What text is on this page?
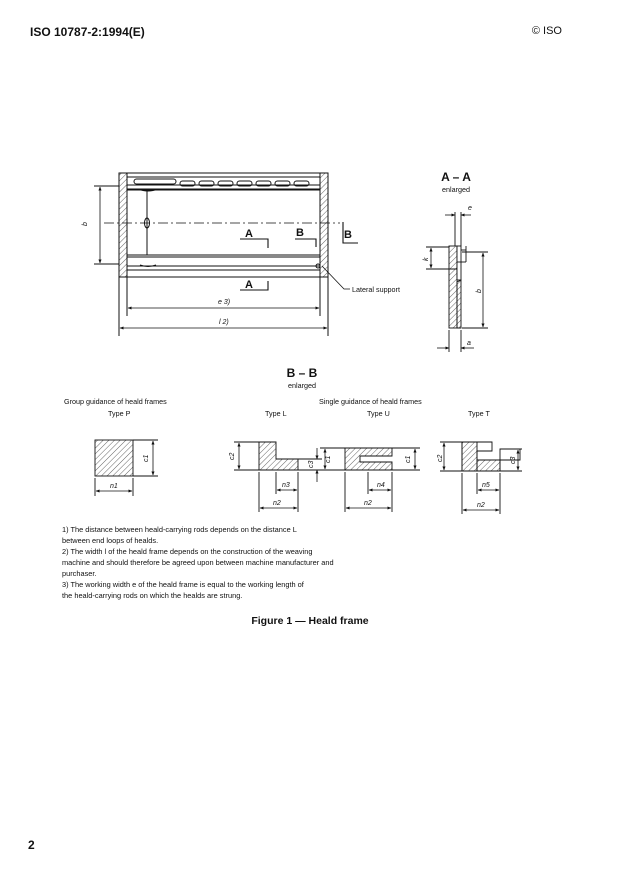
ISO 10787-2:1994(E)	© ISO
b
e 3)
l 2)
A
A
B	B
Lateral support
A – A
enlarged
e
k
b
a
B – B
enlarged
Group guidance of heald frames	Single guidance of heald frames
Type P	Type L	Type U	Type T
c1
n1
c2
c3
n3
n2
c1	c1
n4
n2
c2	c3
n5
n2
1) The distance between heald-carrying rods depends on the distance L
between end loops of healds.
2) The width l of the heald frame depends on the construction of the weaving
machine and should therefore be agreed upon between machine manufacturer and
purchaser.
3) The working width e of the heald frame is equal to the working length of
the heald-carrying rods on which the healds are strung.
Figure 1 — Heald frame
2
